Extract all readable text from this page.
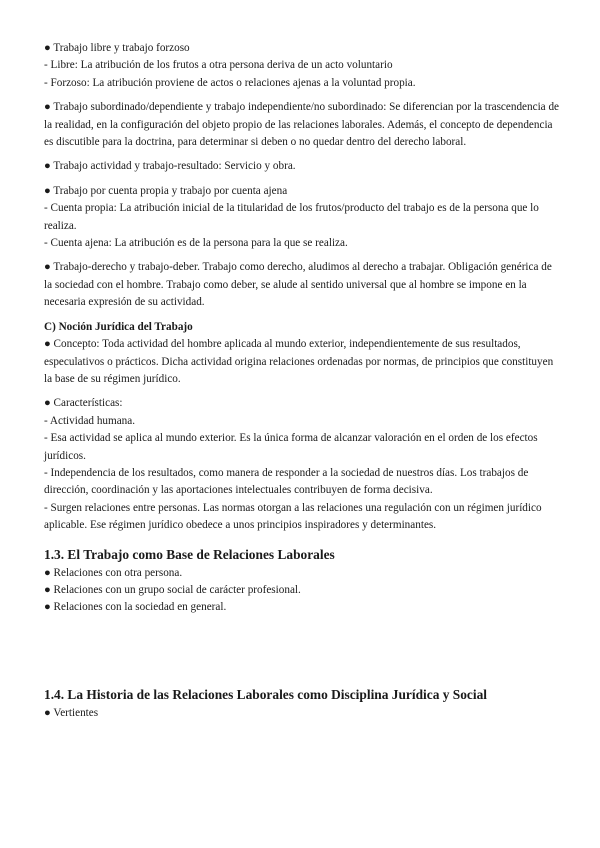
● Trabajo libre y trabajo forzoso
- Libre: La atribución de los frutos a otra persona deriva de un acto voluntario
- Forzoso: La atribución proviene de actos o relaciones ajenas a la voluntad propia.
● Trabajo subordinado/dependiente y trabajo independiente/no subordinado: Se diferencian por la trascendencia de la realidad, en la configuración del objeto propio de las relaciones laborales. Además, el concepto de dependencia es discutible para la doctrina, para determinar si deben o no quedar dentro del derecho laboral.
● Trabajo actividad y trabajo-resultado: Servicio y obra.
● Trabajo por cuenta propia y trabajo por cuenta ajena
- Cuenta propia: La atribución inicial de la titularidad de los frutos/producto del trabajo es de la persona que lo realiza.
- Cuenta ajena: La atribución es de la persona para la que se realiza.
● Trabajo-derecho y trabajo-deber. Trabajo como derecho, aludimos al derecho a trabajar. Obligación genérica de la sociedad con el hombre. Trabajo como deber, se alude al sentido universal que al hombre se impone en la necesaria expresión de su actividad.
C) Noción Jurídica del Trabajo
● Concepto: Toda actividad del hombre aplicada al mundo exterior, independientemente de sus resultados, especulativos o prácticos. Dicha actividad origina relaciones ordenadas por normas, de principios que constituyen la base de su régimen jurídico.
● Características:
- Actividad humana.
- Esa actividad se aplica al mundo exterior. Es la única forma de alcanzar valoración en el orden de los efectos jurídicos.
- Independencia de los resultados, como manera de responder a la sociedad de nuestros días. Los trabajos de dirección, coordinación y las aportaciones intelectuales contribuyen de forma decisiva.
- Surgen relaciones entre personas. Las normas otorgan a las relaciones una regulación con un régimen jurídico aplicable. Ese régimen jurídico obedece a unos principios inspiradores y determinantes.
1.3. El Trabajo como Base de Relaciones Laborales
● Relaciones con otra persona.
● Relaciones con un grupo social de carácter profesional.
● Relaciones con la sociedad en general.
1.4. La Historia de las Relaciones Laborales como Disciplina Jurídica y Social
● Vertientes
